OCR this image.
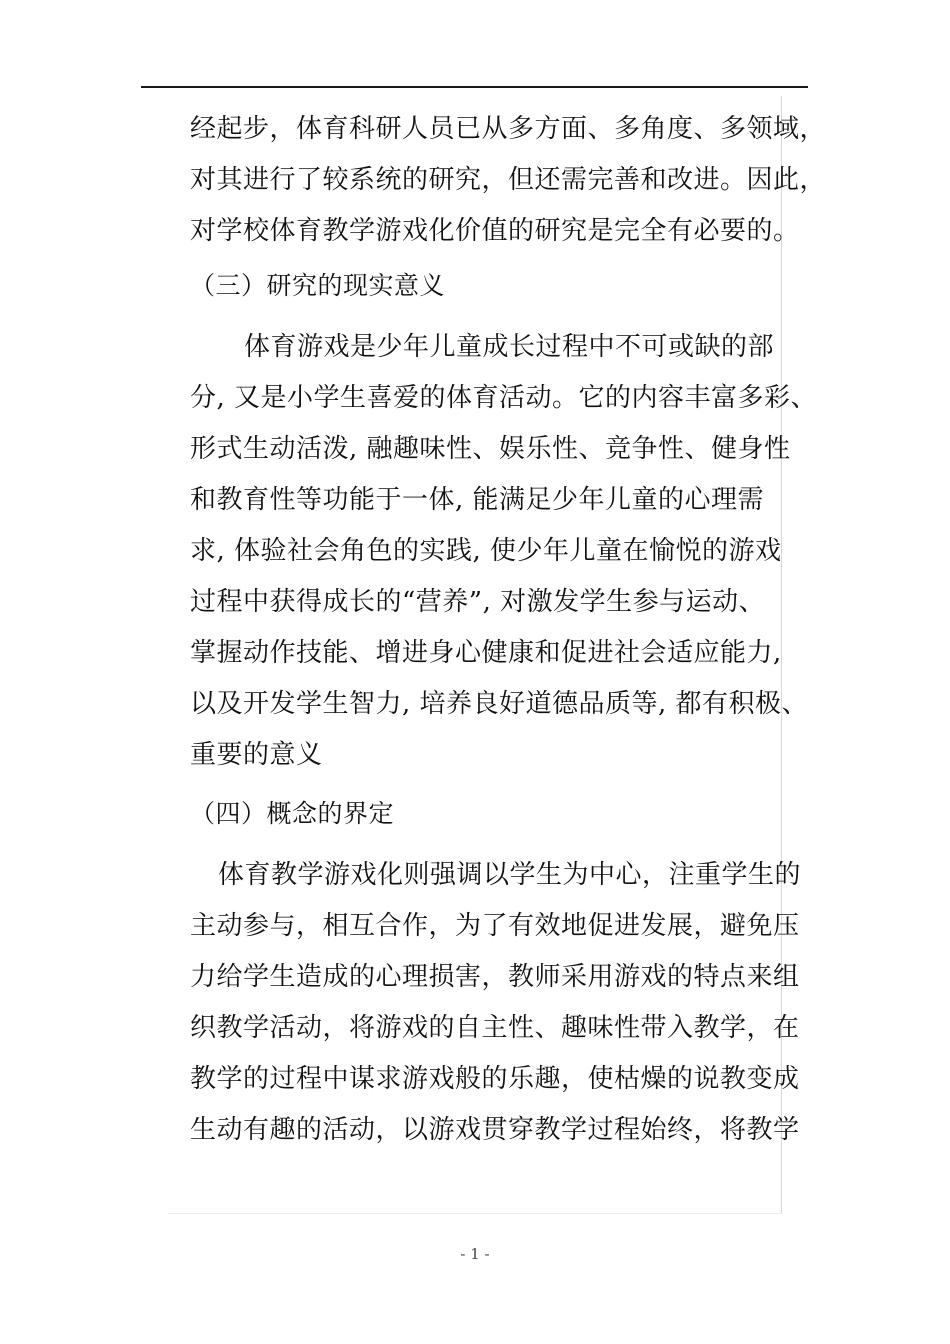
经起步，体育科研人员已从多方面、多角度、多领域，
对其进行了较系统的研究，但还需完善和改进。因此，
对学校体育教学游戏化价值的研究是完全有必要的。
（三）研究的现实意义
体育游戏是少年儿童成长过程中不可或缺的部
分, 又是小学生喜爱的体育活动。它的内容丰富多彩、
形式生动活泼, 融趣味性、娱乐性、竞争性、健身性
和教育性等功能于一体, 能满足少年儿童的心理需
求, 体验社会角色的实践, 使少年儿童在愉悦的游戏
过程中获得成长的“营养”, 对激发学生参与运动、
掌握动作技能、增进身心健康和促进社会适应能力,
以及开发学生智力, 培养良好道德品质等, 都有积极、
重要的意义
（四）概念的界定
体育教学游戏化则强调以学生为中心，注重学生的
主动参与，相互合作，为了有效地促进发展，避免压
力给学生造成的心理损害，教师采用游戏的特点来组
织教学活动，将游戏的自主性、趣味性带入教学，在
教学的过程中谋求游戏般的乐趣，使枯燥的说教变成
生动有趣的活动，以游戏贯穿教学过程始终，将教学
- 1 -
